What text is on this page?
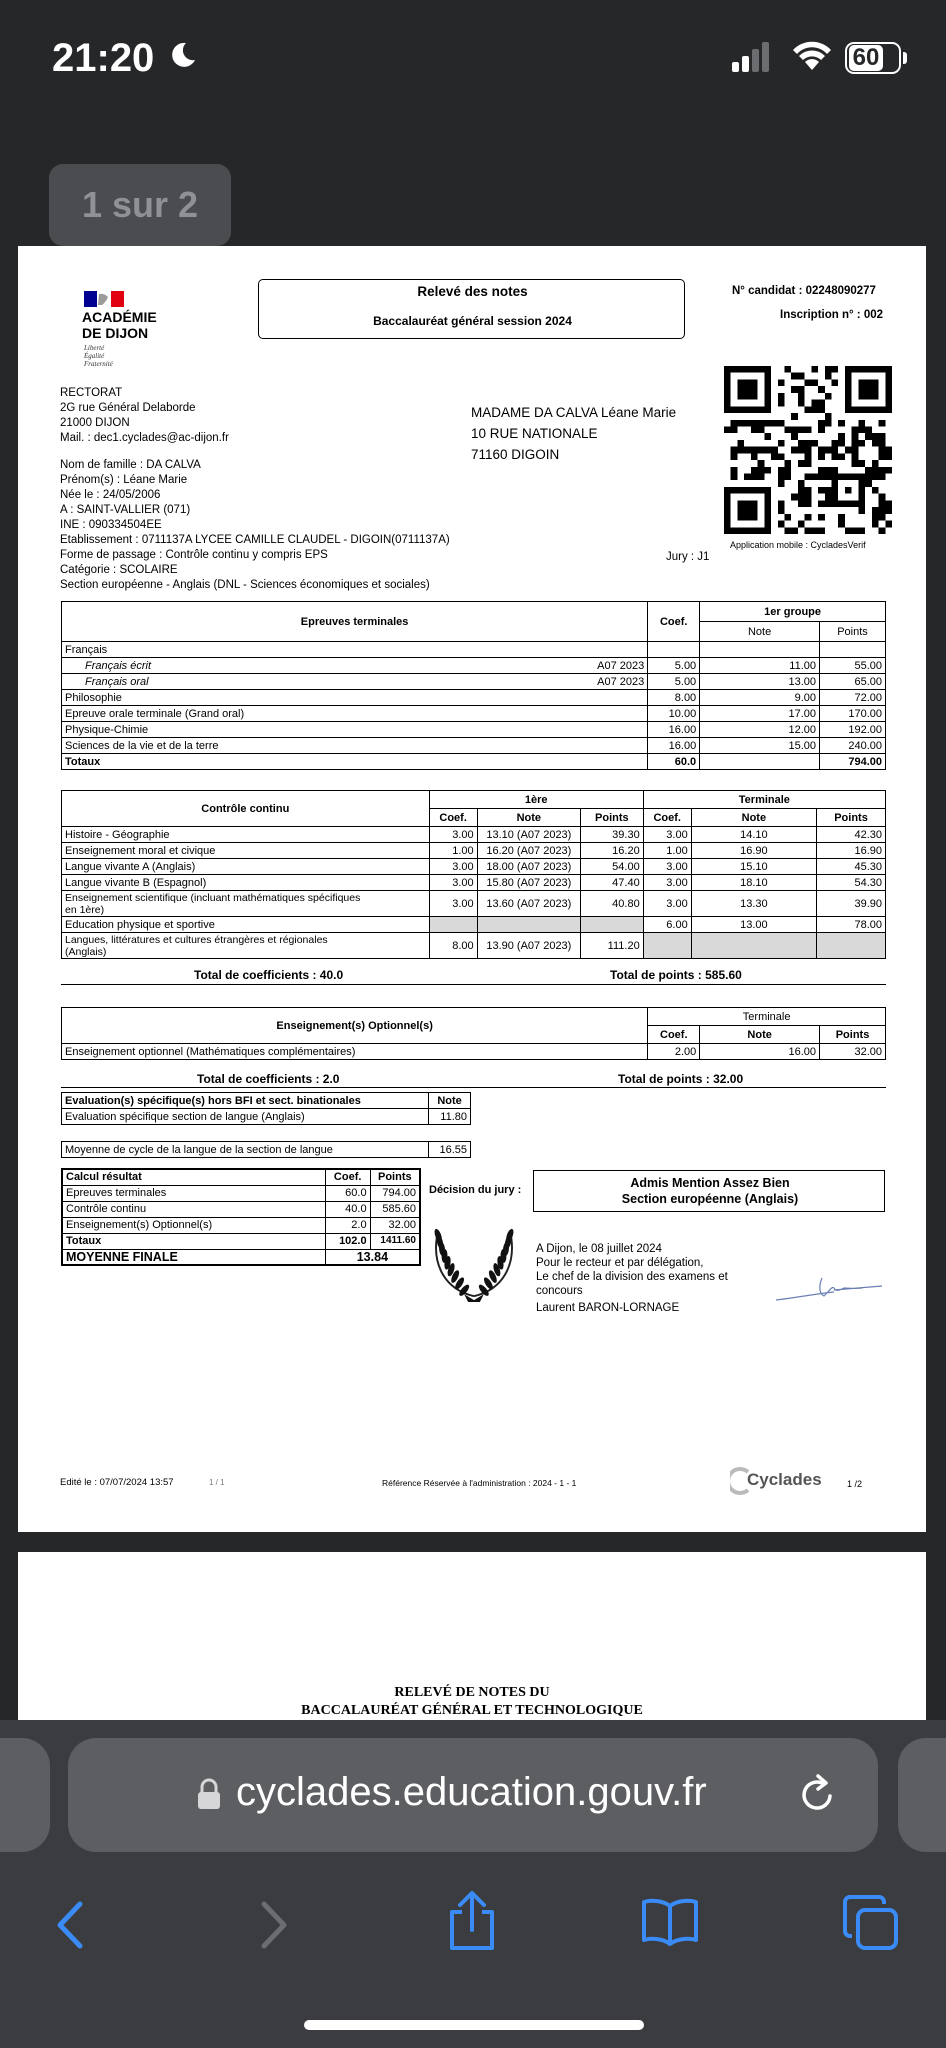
21:20	60
1 sur 2
ACADÉMIE
DE DIJON
Liberté
Égalité
Fraternité
Relevé des notes
Baccalauréat général session 2024
N° candidat : 02248090277
Inscription n° : 002
Application mobile : CycladesVerif
RECTORAT
2G rue Général Delaborde
21000 DIJON
Mail. : dec1.cyclades@ac-dijon.fr
MADAME DA CALVA Léane Marie
10 RUE NATIONALE
71160 DIGOIN
Nom de famille : DA CALVA
Prénom(s) : Léane Marie
Née le : 24/05/2006
A : SAINT-VALLIER (071)
INE : 090334504EE
Etablissement : 0711137A LYCEE CAMILLE CLAUDEL - DIGOIN(0711137A)
Forme de passage : Contrôle continu y compris EPS
Catégorie : SCOLAIRE
Section européenne - Anglais (DNL - Sciences économiques et sociales)
Jury : J1
Epreuves terminales	Coef.	1er groupe	
		Note	Points
Français

Français écrit A07 2023	5.00	11.00	55.00
Français oral A07 2023	5.00	13.00	65.00
Philosophie	8.00	9.00	72.00
Epreuve orale terminale (Grand oral)	10.00	17.00	170.00
Physique-Chimie	16.00	12.00	192.00
Sciences de la vie et de la terre	16.00	15.00	240.00
Totaux	60.0		794.00
Contrôle continu	1ère			Terminale		
	Coef.	Note	Points	Coef.	Note	Points
Histoire - Géographie	3.00	13.10 (A07 2023)	39.30	3.00	14.10	42.30
Enseignement moral et civique	1.00	16.20 (A07 2023)	16.20	1.00	16.90	16.90
Langue vivante A (Anglais)	3.00	18.00 (A07 2023)	54.00	3.00	15.10	45.30
Langue vivante B (Espagnol)	3.00	15.80 (A07 2023)	47.40	3.00	18.10	54.30
Enseignement scientifique (incluant mathématiques spécifiques
en 1ère)	3.00	13.60 (A07 2023)	40.80	3.00	13.30	39.90
Education physique et sportive				6.00	13.00	78.00
Langues, littératures et cultures étrangères et régionales
(Anglais)	8.00	13.90 (A07 2023)	111.20			
Total de coefficients : 40.0	Total de points : 585.60
Enseignement(s) Optionnel(s)	Terminale		
	Coef.	Note	Points
Enseignement optionnel (Mathématiques complémentaires)	2.00	16.00	32.00
Total de coefficients : 2.0	Total de points : 32.00
Evaluation(s) spécifique(s) hors BFI et sect. binationales	Note
Evaluation spécifique section de langue (Anglais)	11.80
Moyenne de cycle de la langue de la section de langue	16.55
Calcul résultat	Coef.	Points
Epreuves terminales	60.0	794.00
Contrôle continu	40.0	585.60
Enseignement(s) Optionnel(s)	2.0	32.00
Totaux	102.0	1411.60
MOYENNE FINALE	13.84	
Décision du jury :	Admis Mention Assez Bien
Section européenne (Anglais)
A Dijon, le 08 juillet 2024
Pour le recteur et par délégation,
Le chef de la division des examens et
concours
Laurent BARON-LORNAGE
Edité le : 07/07/2024 13:57	1 / 1	Référence Réservée à l'administration : 2024 - 1 - 1	Cyclades	1 /2
RELEVÉ DE NOTES DU
BACCALAURÉAT GÉNÉRAL ET TECHNOLOGIQUE
cyclades.education.gouv.fr
